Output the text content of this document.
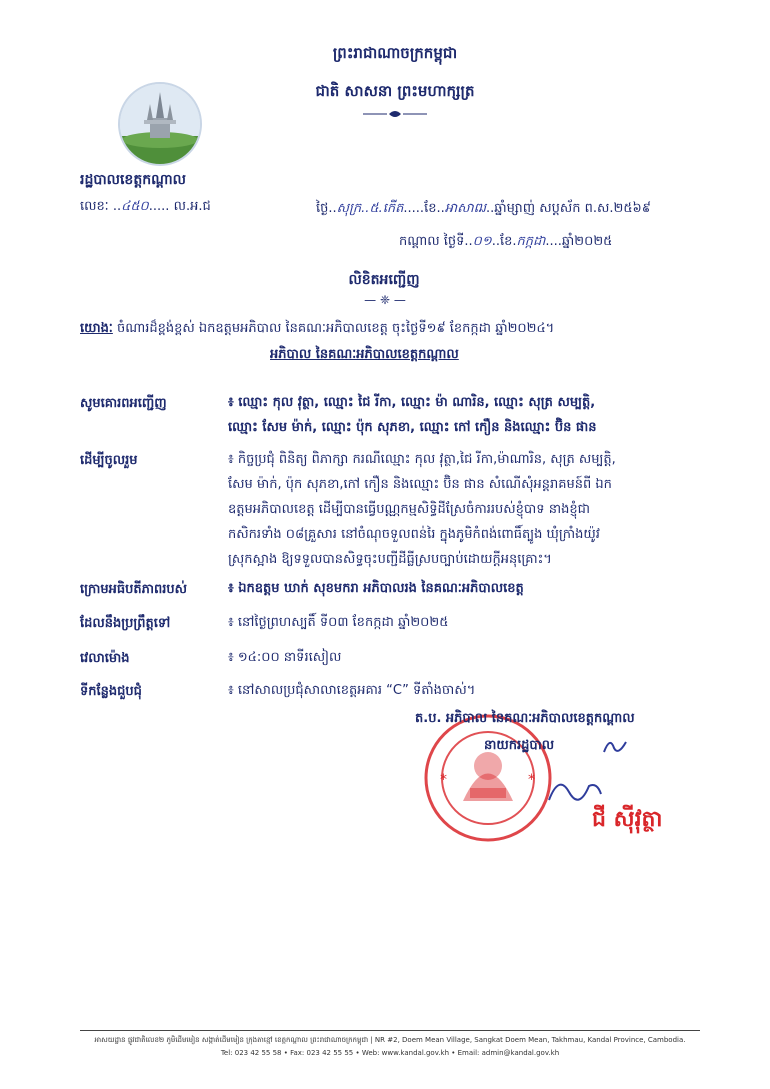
ព្រះរាជាណាចក្រកម្ពុជា
ជាតិ សាសនា ព្រះមហាក្សត្រ
រដ្ឋបាលខេត្តកណ្ដាល
លេខៈ ..៤៥០..... ល.អ.ជ	ថ្ងៃ..សុក្រ..៥.កើត.....ខែ..អាសាឍ..ឆ្នាំម្សាញ់ សប្តស័ក ព.ស.២៥៦៩
កណ្ដាល ថ្ងៃទី..០១..ខែ.កក្កដា....ឆ្នាំ២០២៥
លិខិតអញ្ជើញ
— ❈ —
យោងៈ ចំណារដ៏ខ្ពង់ខ្ពស់ ឯកឧត្តមអភិបាល នៃគណៈអភិបាលខេត្ត ចុះថ្ងៃទី១៩ ខែកក្កដា ឆ្នាំ២០២៤។
អភិបាល នៃគណៈអភិបាលខេត្តកណ្ដាល
សូមគោរពអញ្ជើញ	៖ ឈ្មោះ កុល វុត្ថា, ឈ្មោះ ជៃ រីកា, ឈ្មោះ ម៉ា ណារិន, ឈ្មោះ សុត្រ សម្បត្តិ,
ឈ្មោះ សែម ម៉ាក់, ឈ្មោះ ប៉ុក សុភខា, ឈ្មោះ កៅ កឿន និងឈ្មោះ ប៊ិន ផាន
ដើម្បីចូលរួម	៖ កិច្ចប្រជុំ ពិនិត្យ ពិភាក្សា ករណីឈ្មោះ កុល វុត្ថា,ជៃ រីកា,ម៉ាណារិន, សុត្រ សម្បត្តិ,
សែម ម៉ាក់, ប៉ុក សុភខា,កៅ កឿន និងឈ្មោះ ប៊ិន ផាន សំណើសុំអន្តរាគមន៍ពី ឯក
ឧត្តមអភិបាលខេត្ត ដើម្បីបានធ្វើបណ្ណកម្មសិទ្ធិដីស្រែចំការរបស់ខ្ញុំបាទ នាងខ្ញុំជា
កសិករទាំង ០៨គ្រួសារ នៅចំណុចទួលពន់រៃ ក្នុងភូមិកំពង់ពោធិ៍ត្បូង ឃុំក្រាំងយ៉ូវ
ស្រុកស្អាង ឱ្យទទួលបានសិទ្ធចុះបញ្ជីដីធ្លីស្របច្បាប់ដោយក្តីអនុគ្រោះ។
ក្រោមអធិបតីភាពរបស់	៖ ឯកឧត្តម ឃាក់ សុខមករា អភិបាលរង នៃគណៈអភិបាលខេត្ត
ដែលនឹងប្រព្រឹត្តទៅ	៖ នៅថ្ងៃព្រហស្បតិ៍ ទី០៣ ខែកក្កដា ឆ្នាំ២០២៥
វេលាម៉ោង	៖ ១៤:០០ នាទីរសៀល
ទីកន្លែងជួបជុំ	៖ នៅសាលប្រជុំសាលាខេត្តអគារ “C” ទីតាំងចាស់។
*	*
ត.ប. អភិបាល នៃគណៈអភិបាលខេត្តកណ្ដាល
នាយករដ្ឋបាល
ជី ស៊ីវុត្ថា
អាសយដ្ឋាន ផ្លូវជាតិលេខ២ ភូមិដើមមៀន សង្កាត់ដើមមៀន ក្រុងតាខ្មៅ ខេត្តកណ្ដាល ព្រះរាជាណាចក្រកម្ពុជា | NR #2, Doem Mean Village, Sangkat Doem Mean, Takhmau, Kandal Province, Cambodia.
Tel: 023 42 55 58 • Fax: 023 42 55 55 • Web: www.kandal.gov.kh • Email: admin@kandal.gov.kh
